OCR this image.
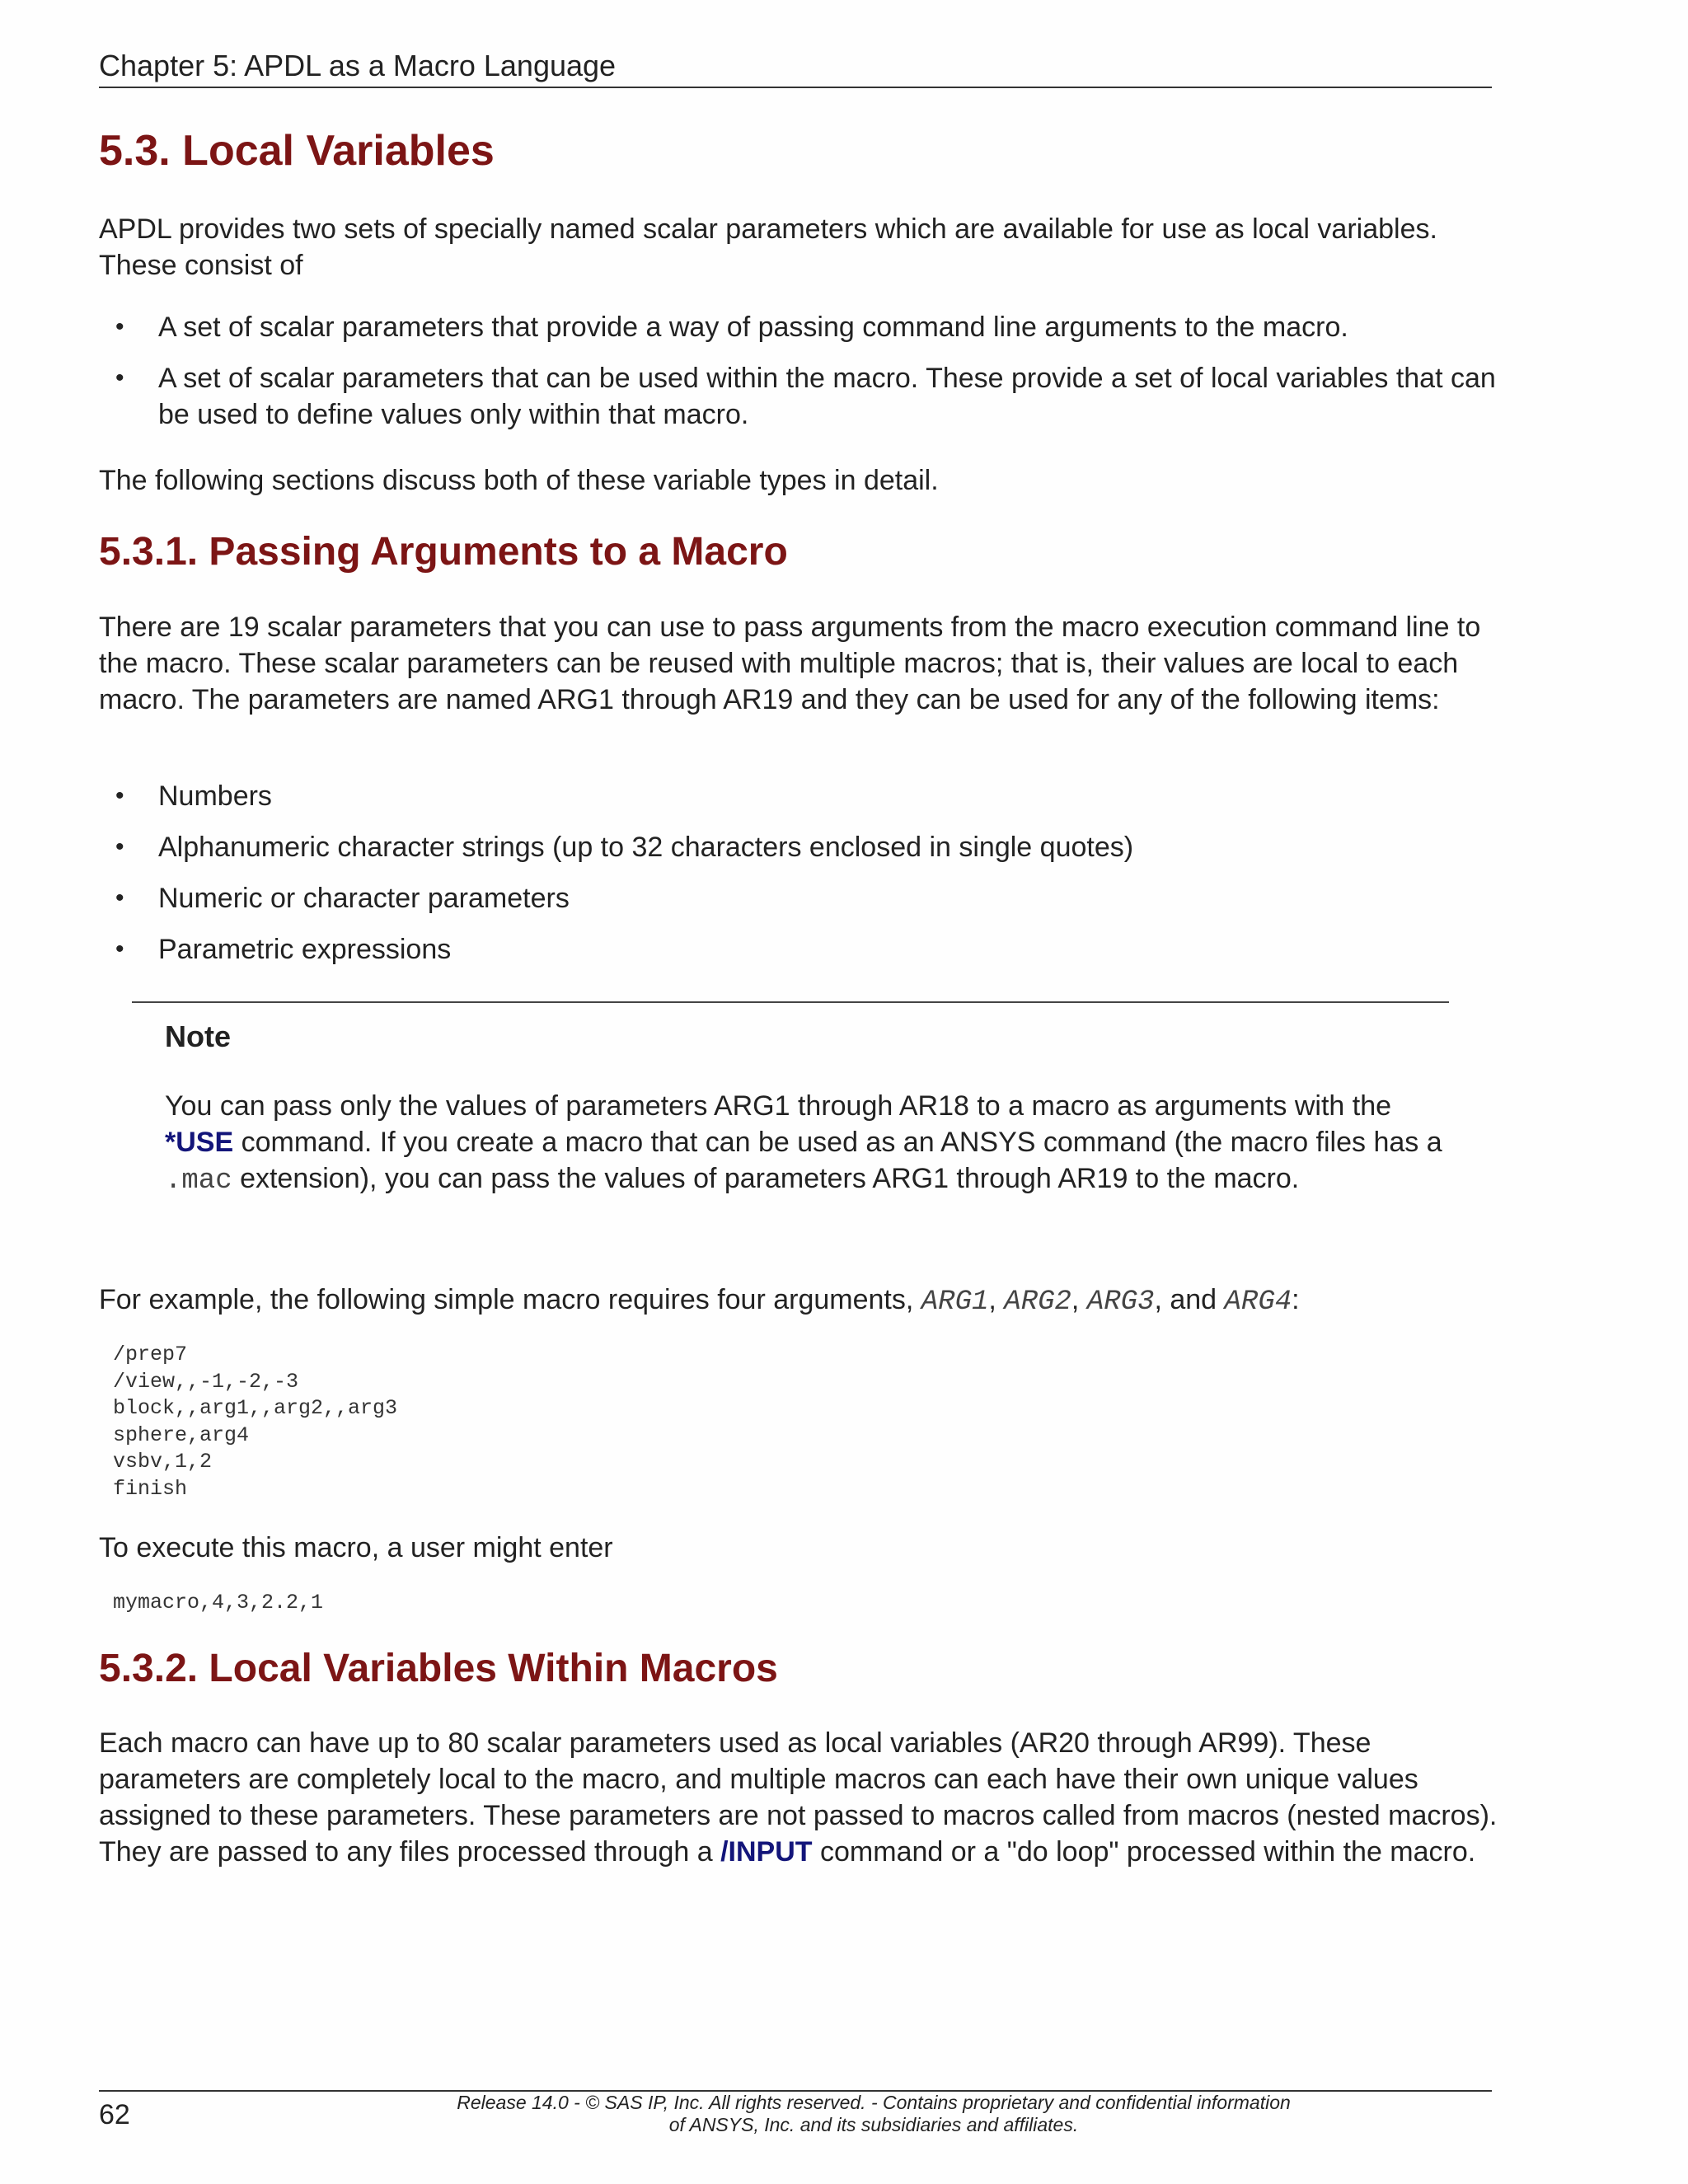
Chapter 5: APDL as a Macro Language
5.3. Local Variables

APDL provides two sets of specially named scalar parameters which are available for use as local variables. These consist of

• A set of scalar parameters that provide a way of passing command line arguments to the macro.
• A set of scalar parameters that can be used within the macro. These provide a set of local variables that can be used to define values only within that macro.

The following sections discuss both of these variable types in detail.

5.3.1. Passing Arguments to a Macro

There are 19 scalar parameters that you can use to pass arguments from the macro execution command line to the macro. These scalar parameters can be reused with multiple macros; that is, their values are local to each macro. The parameters are named ARG1 through AR19 and they can be used for any of the following items:

• Numbers
• Alphanumeric character strings (up to 32 characters enclosed in single quotes)
• Numeric or character parameters
• Parametric expressions
Note

You can pass only the values of parameters ARG1 through AR18 to a macro as arguments with the *USE command. If you create a macro that can be used as an ANSYS command (the macro files has a .mac extension), you can pass the values of parameters ARG1 through AR19 to the macro.

For example, the following simple macro requires four arguments, ARG1, ARG2, ARG3, and ARG4:

/prep7
/view,,-1,-2,-3
block,,arg1,,arg2,,arg3
sphere,arg4
vsbv,1,2
finish

To execute this macro, a user might enter

mymacro,4,3,2.2,1
5.3.2. Local Variables Within Macros

Each macro can have up to 80 scalar parameters used as local variables (AR20 through AR99). These parameters are completely local to the macro, and multiple macros can each have their own unique values assigned to these parameters. These parameters are not passed to macros called from macros (nested macros). They are passed to any files processed through a /INPUT command or a "do loop" processed within the macro.

62	Release 14.0 - © SAS IP, Inc. All rights reserved. - Contains proprietary and confidential information
of ANSYS, Inc. and its subsidiaries and affiliates.
